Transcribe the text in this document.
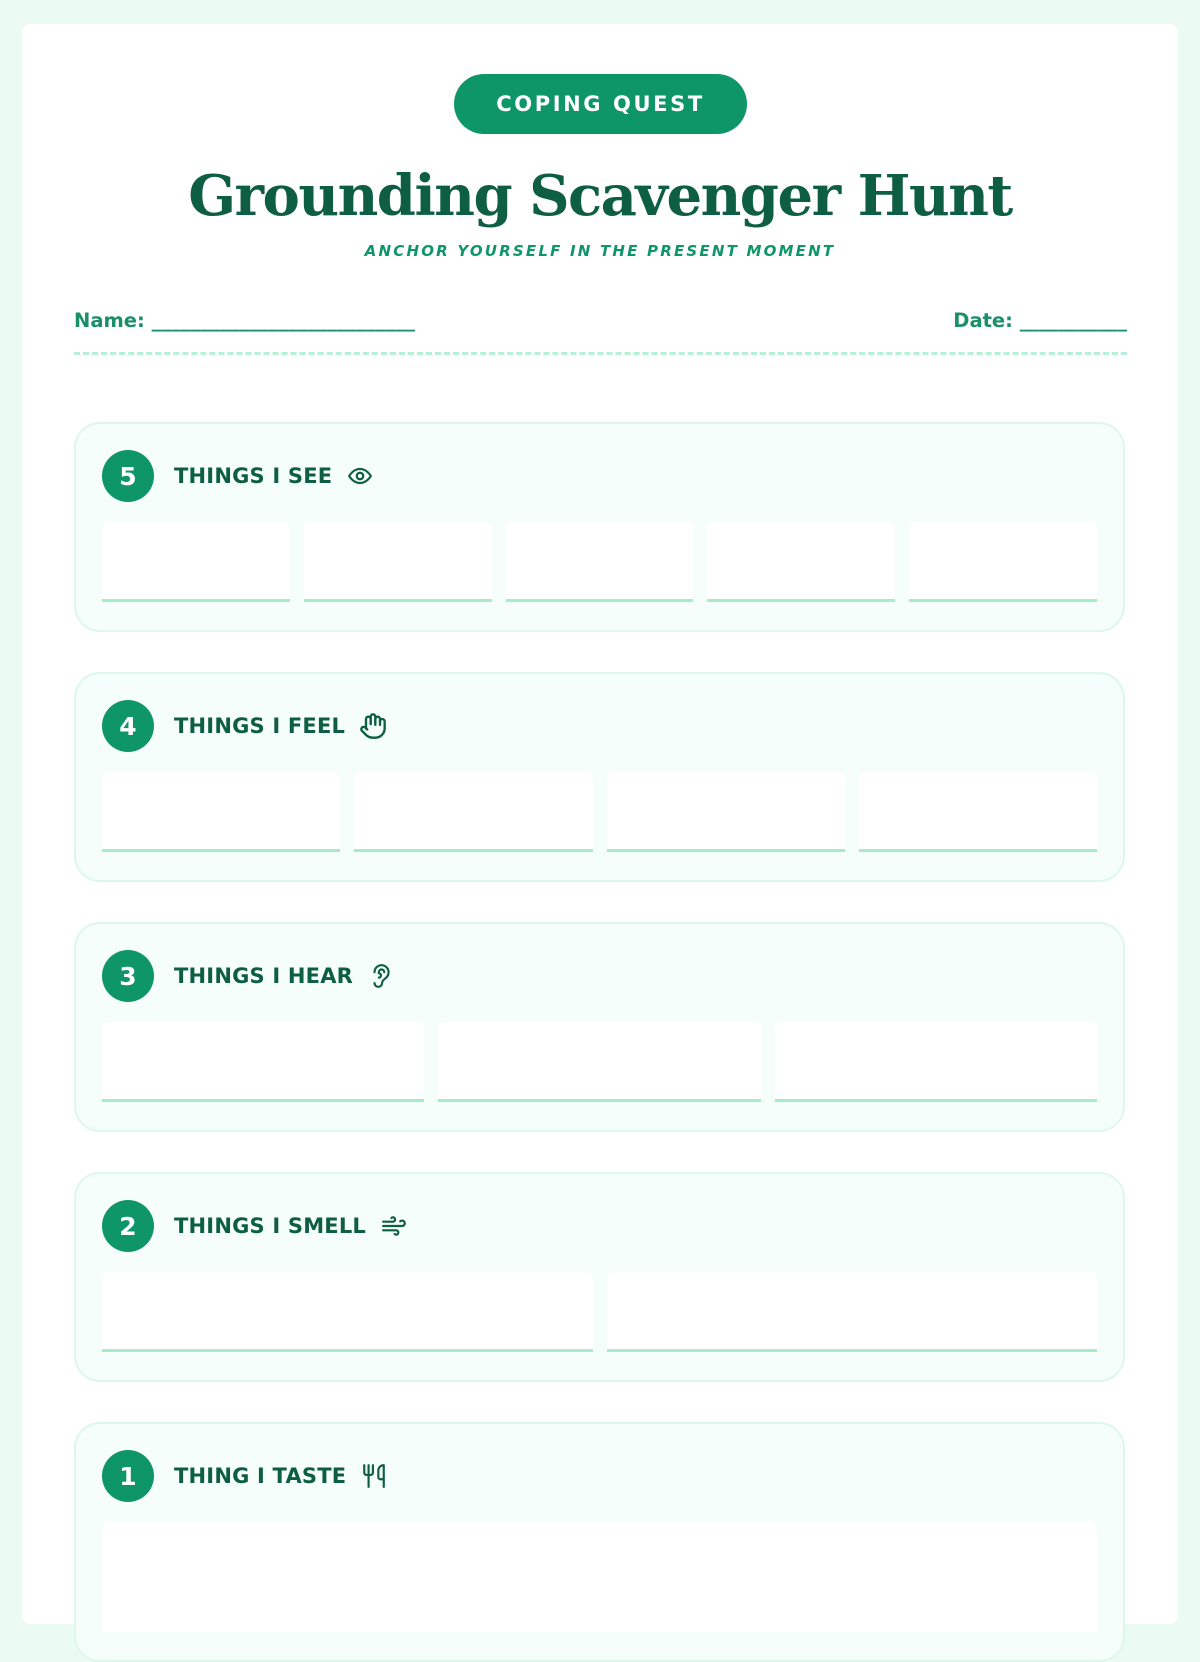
COPING QUEST
Grounding Scavenger Hunt
ANCHOR YOURSELF IN THE PRESENT MOMENT
Name: ___________________________	Date: ___________
5	THINGS I SEE
4	THINGS I FEEL
3	THINGS I HEAR
2	THINGS I SMELL
1	THING I TASTE
